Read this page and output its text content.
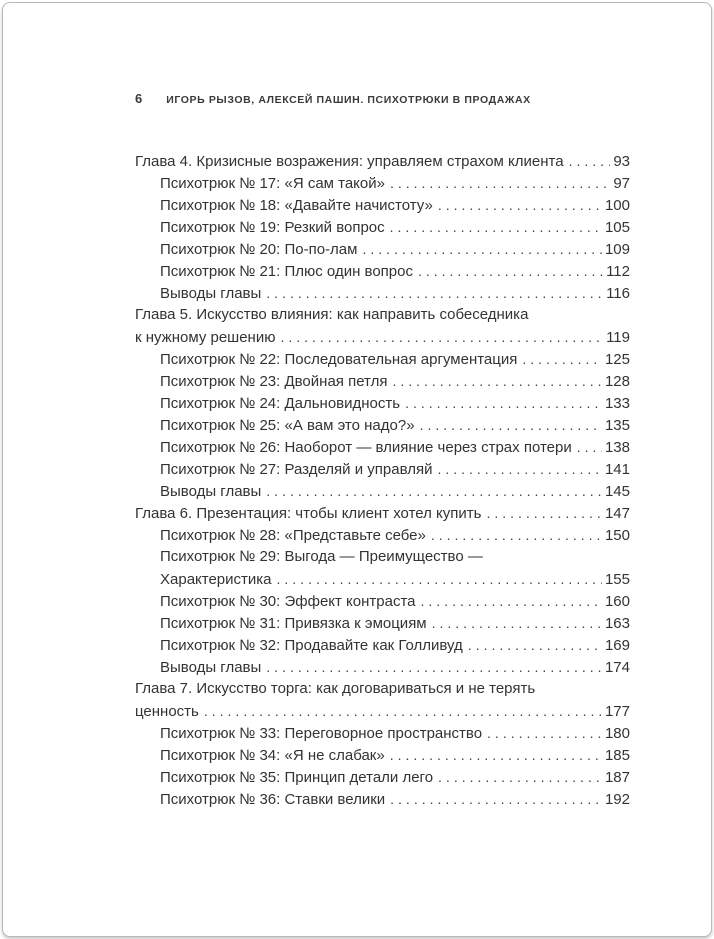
6 ИГОРЬ РЫЗОВ, АЛЕКСЕЙ ПАШИН. ПСИХОТРЮКИ В ПРОДАЖАХ
Глава 4. Кризисные возражения: управляем страхом клиента .....	93
Психотрюк № 17: «Я сам такой» .....	97
Психотрюк № 18: «Давайте начистоту» .....	100
Психотрюк № 19: Резкий вопрос .....	105
Психотрюк № 20: По-по-лам .....	109
Психотрюк № 21: Плюс один вопрос .....	112
Выводы главы .....	116
Глава 5. Искусство влияния: как направить собеседника
к нужному решению .....	119
Психотрюк № 22: Последовательная аргументация .....	125
Психотрюк № 23: Двойная петля .....	128
Психотрюк № 24: Дальновидность .....	133
Психотрюк № 25: «А вам это надо?» .....	135
Психотрюк № 26: Наоборот — влияние через страх потери ..... 138
Психотрюк № 27: Разделяй и управляй .....	141
Выводы главы .....	145
Глава 6. Презентация: чтобы клиент хотел купить .....	147
Психотрюк № 28: «Представьте себе» .....	150
Психотрюк № 29: Выгода — Преимущество —
Характеристика .....	155
Психотрюк № 30: Эффект контраста .....	160
Психотрюк № 31: Привязка к эмоциям .....	163
Психотрюк № 32: Продавайте как Голливуд .....	169
Выводы главы .....	174
Глава 7. Искусство торга: как договариваться и не терять
ценность .....	177
Психотрюк № 33: Переговорное пространство .....	180
Психотрюк № 34: «Я не слабак» .....	185
Психотрюк № 35: Принцип детали лего .....	187
Психотрюк № 36: Ставки велики .....	192
